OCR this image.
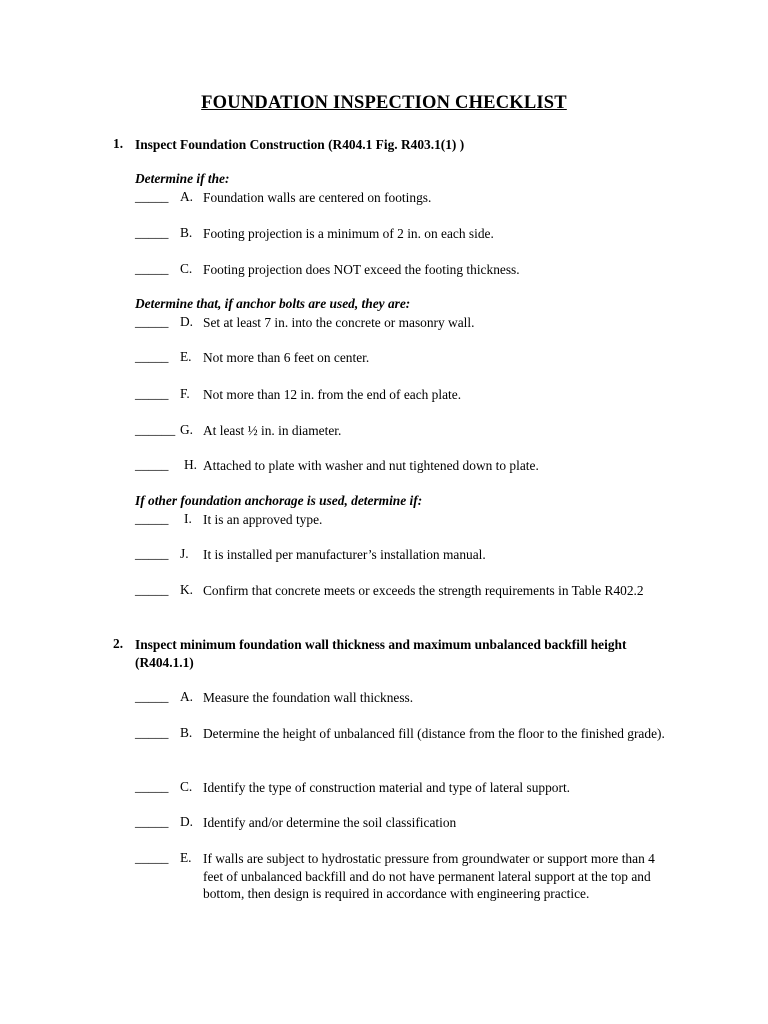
FOUNDATION INSPECTION CHECKLIST
1. Inspect Foundation Construction (R404.1 Fig. R403.1(1) )
Determine if the:
_____ A. Foundation walls are centered on footings.
_____ B. Footing projection is a minimum of 2 in. on each side.
_____ C. Footing projection does NOT exceed the footing thickness.
Determine that, if anchor bolts are used, they are:
_____ D. Set at least 7 in. into the concrete or masonry wall.
_____ E. Not more than 6 feet on center.
_____ F. Not more than 12 in. from the end of each plate.
______ G. At least ½ in. in diameter.
_____ H. Attached to plate with washer and nut tightened down to plate.
If other foundation anchorage is used, determine if:
_____ I. It is an approved type.
_____ J. It is installed per manufacturer’s installation manual.
_____ K. Confirm that concrete meets or exceeds the strength requirements in Table R402.2
2. Inspect minimum foundation wall thickness and maximum unbalanced backfill height (R404.1.1)
_____ A. Measure the foundation wall thickness.
_____ B. Determine the height of unbalanced fill (distance from the floor to the finished grade).
_____ C. Identify the type of construction material and type of lateral support.
_____ D. Identify and/or determine the soil classification
_____ E. If walls are subject to hydrostatic pressure from groundwater or support more than 4 feet of unbalanced backfill and do not have permanent lateral support at the top and bottom, then design is required in accordance with engineering practice.
